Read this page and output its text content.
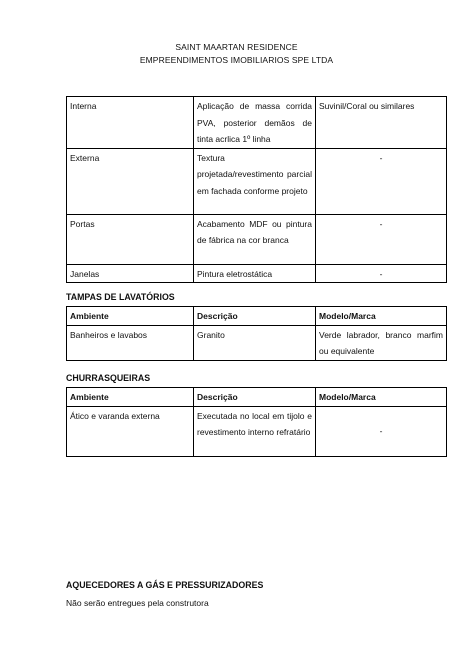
SAINT MAARTAN RESIDENCE
EMPREENDIMENTOS IMOBILIARIOS SPE LTDA
Interna	Aplicação de massa corrida PVA, posterior demãos de tinta acrlica 1º linha	Suvinil/Coral ou similares
Externa	Textura projetada/revestimento parcial em fachada conforme projeto	-
Portas	Acabamento MDF ou pintura de fábrica na cor branca	-
Janelas	Pintura eletrostática	-
TAMPAS DE LAVATÓRIOS
Ambiente	Descrição	Modelo/Marca
Banheiros e lavabos	Granito	Verde labrador, branco marfim ou equivalente
CHURRASQUEIRAS
Ambiente	Descrição	Modelo/Marca
Ático e varanda externa	Executada no local em tijolo e revestimento interno refratário	-
AQUECEDORES A GÁS E PRESSURIZADORES
Não serão entregues pela construtora
